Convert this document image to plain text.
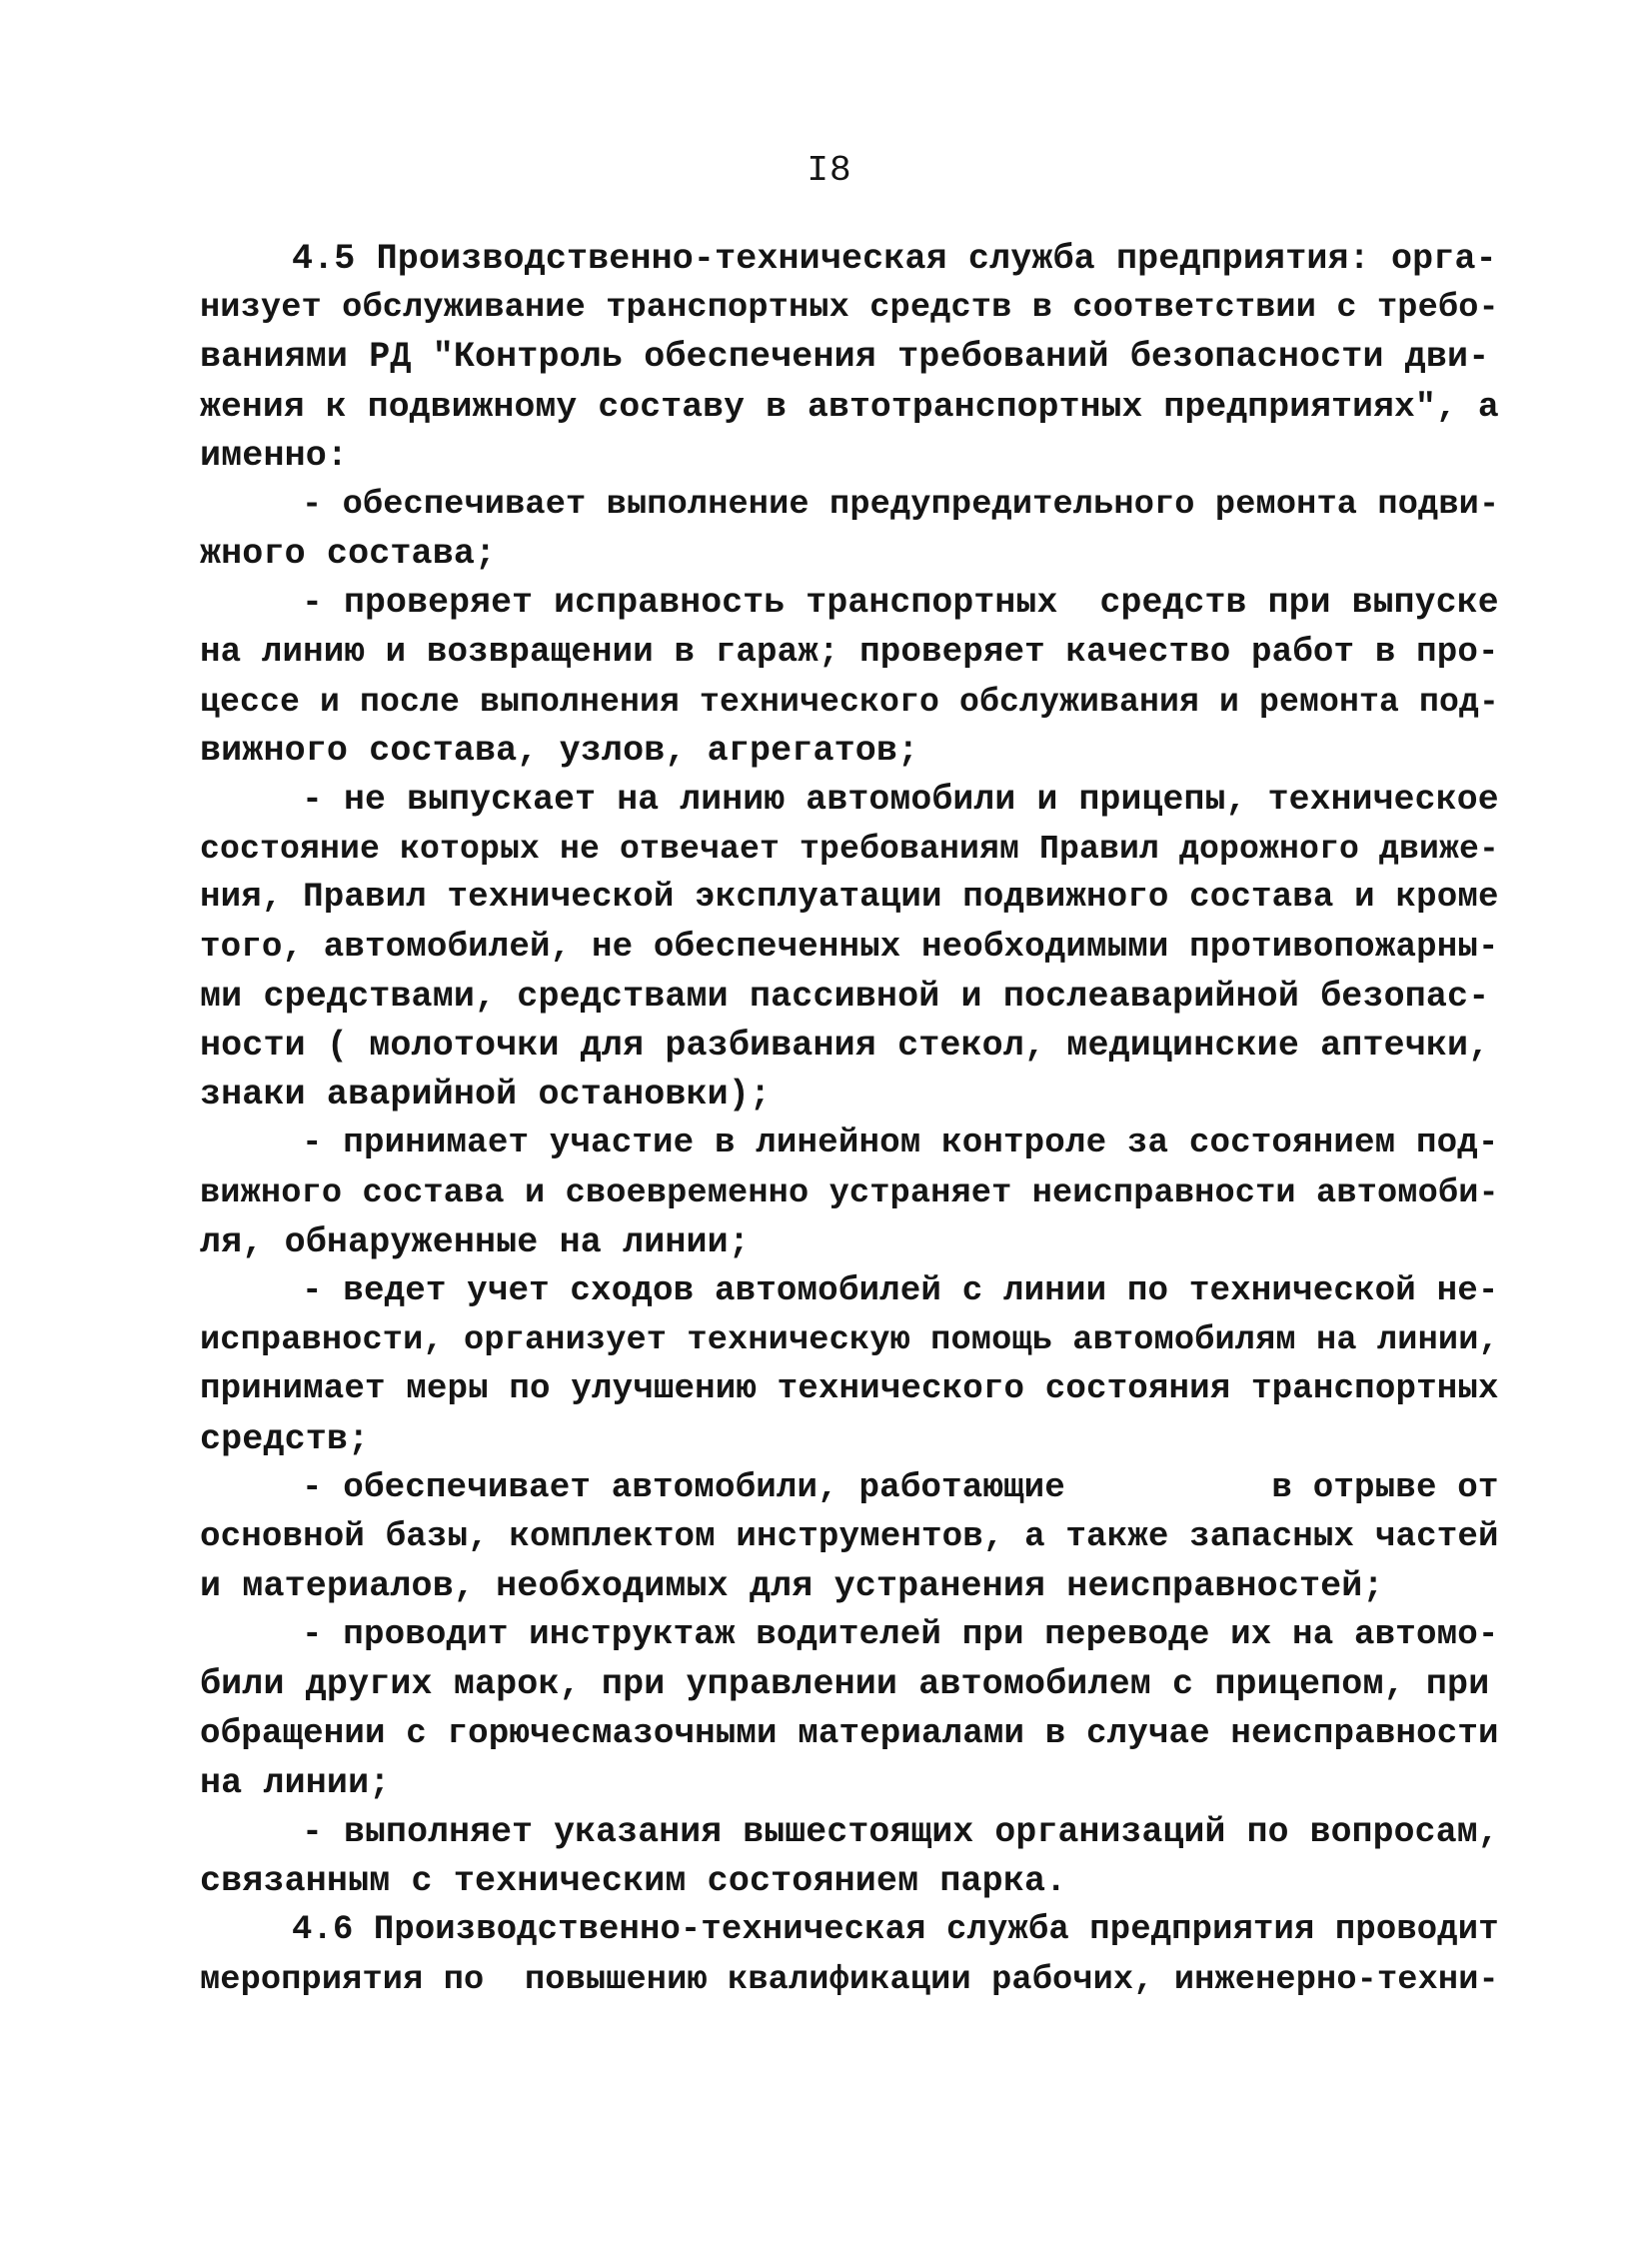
I8
4.5 Производственно-техническая служба предприятия: орга-
низует обслуживание транспортных средств в соответствии с требо-
ваниями РД "Контроль обеспечения требований безопасности дви-
жения к подвижному составу в автотранспортных предприятиях", а
именно:
- обеспечивает выполнение предупредительного ремонта подви-
жного состава;
- проверяет исправность транспортных  средств при выпуске
на линию и возвращении в гараж; проверяет качество работ в про-
цессе и после выполнения технического обслуживания и ремонта под-
вижного состава, узлов, агрегатов;
- не выпускает на линию автомобили и прицепы, техническое
состояние которых не отвечает требованиям Правил дорожного движе-
ния, Правил технической эксплуатации подвижного состава и кроме
того, автомобилей, не обеспеченных необходимыми противопожарны-
ми средствами, средствами пассивной и послеаварийной безопас-
ности ( молоточки для разбивания стекол, медицинские аптечки,
знаки аварийной остановки);
- принимает участие в линейном контроле за состоянием под-
вижного состава и своевременно устраняет неисправности автомоби-
ля, обнаруженные на линии;
- ведет учет сходов автомобилей с линии по технической не-
исправности, организует техническую помощь автомобилям на линии,
принимает меры по улучшению технического состояния транспортных
средств;
- обеспечивает автомобили, работающие          в отрыве от
основной базы, комплектом инструментов, а также запасных частей
и материалов, необходимых для устранения неисправностей;
- проводит инструктаж водителей при переводе их на автомо-
били других марок, при управлении автомобилем с прицепом, при
обращении с горючесмазочными материалами в случае неисправности
на линии;
- выполняет указания вышестоящих организаций по вопросам,
связанным с техническим состоянием парка.
4.6 Производственно-техническая служба предприятия проводит
мероприятия по  повышению квалификации рабочих, инженерно-техни-
